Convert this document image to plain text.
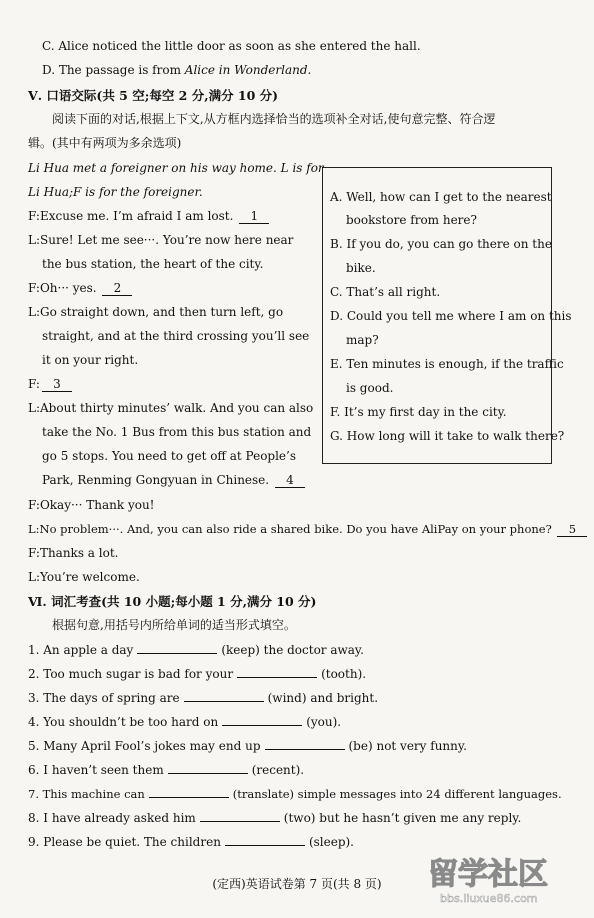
C. Alice noticed the little door as soon as she entered the hall.
D. The passage is from Alice in Wonderland.
Ⅴ. 口语交际(共 5 空;每空 2 分,满分 10 分)
阅读下面的对话,根据上下文,从方框内选择恰当的选项补全对话,使句意完整、符合逻
辑。(其中有两项为多余选项)
Li Hua met a foreigner on his way home. L is for
Li Hua;F is for the foreigner.
F:Excuse me. I’m afraid I am lost. 1
L:Sure! Let me see···. You’re now here near
the bus station, the heart of the city.
F:Oh··· yes. 2
L:Go straight down, and then turn left, go
straight, and at the third crossing you’ll see
it on your right.
F: 3
L:About thirty minutes’ walk. And you can also
take the No. 1 Bus from this bus station and
go 5 stops. You need to get off at People’s
Park, Renming Gongyuan in Chinese. 4
F:Okay··· Thank you!
L:No problem···. And, you can also ride a shared bike. Do you have AliPay on your phone? 5
F:Thanks a lot.
L:You’re welcome.
A. Well, how can I get to the nearest
bookstore from here?
B. If you do, you can go there on the
bike.
C. That’s all right.
D. Could you tell me where I am on this
map?
E. Ten minutes is enough, if the traffic
is good.
F. It’s my first day in the city.
G. How long will it take to walk there?
Ⅵ. 词汇考查(共 10 小题;每小题 1 分,满分 10 分)
根据句意,用括号内所给单词的适当形式填空。
1. An apple a day	(keep) the doctor away.
2. Too much sugar is bad for your	(tooth).
3. The days of spring are	(wind) and bright.
4. You shouldn’t be too hard on	(you).
5. Many April Fool’s jokes may end up	(be) not very funny.
6. I haven’t seen them	(recent).
7. This machine can	(translate) simple messages into 24 different languages.
8. I have already asked him	(two) but he hasn’t given me any reply.
9. Please be quiet. The children	(sleep).
(定西)英语试卷第 7 页(共 8 页)	留学社区
bbs.liuxue86.com
